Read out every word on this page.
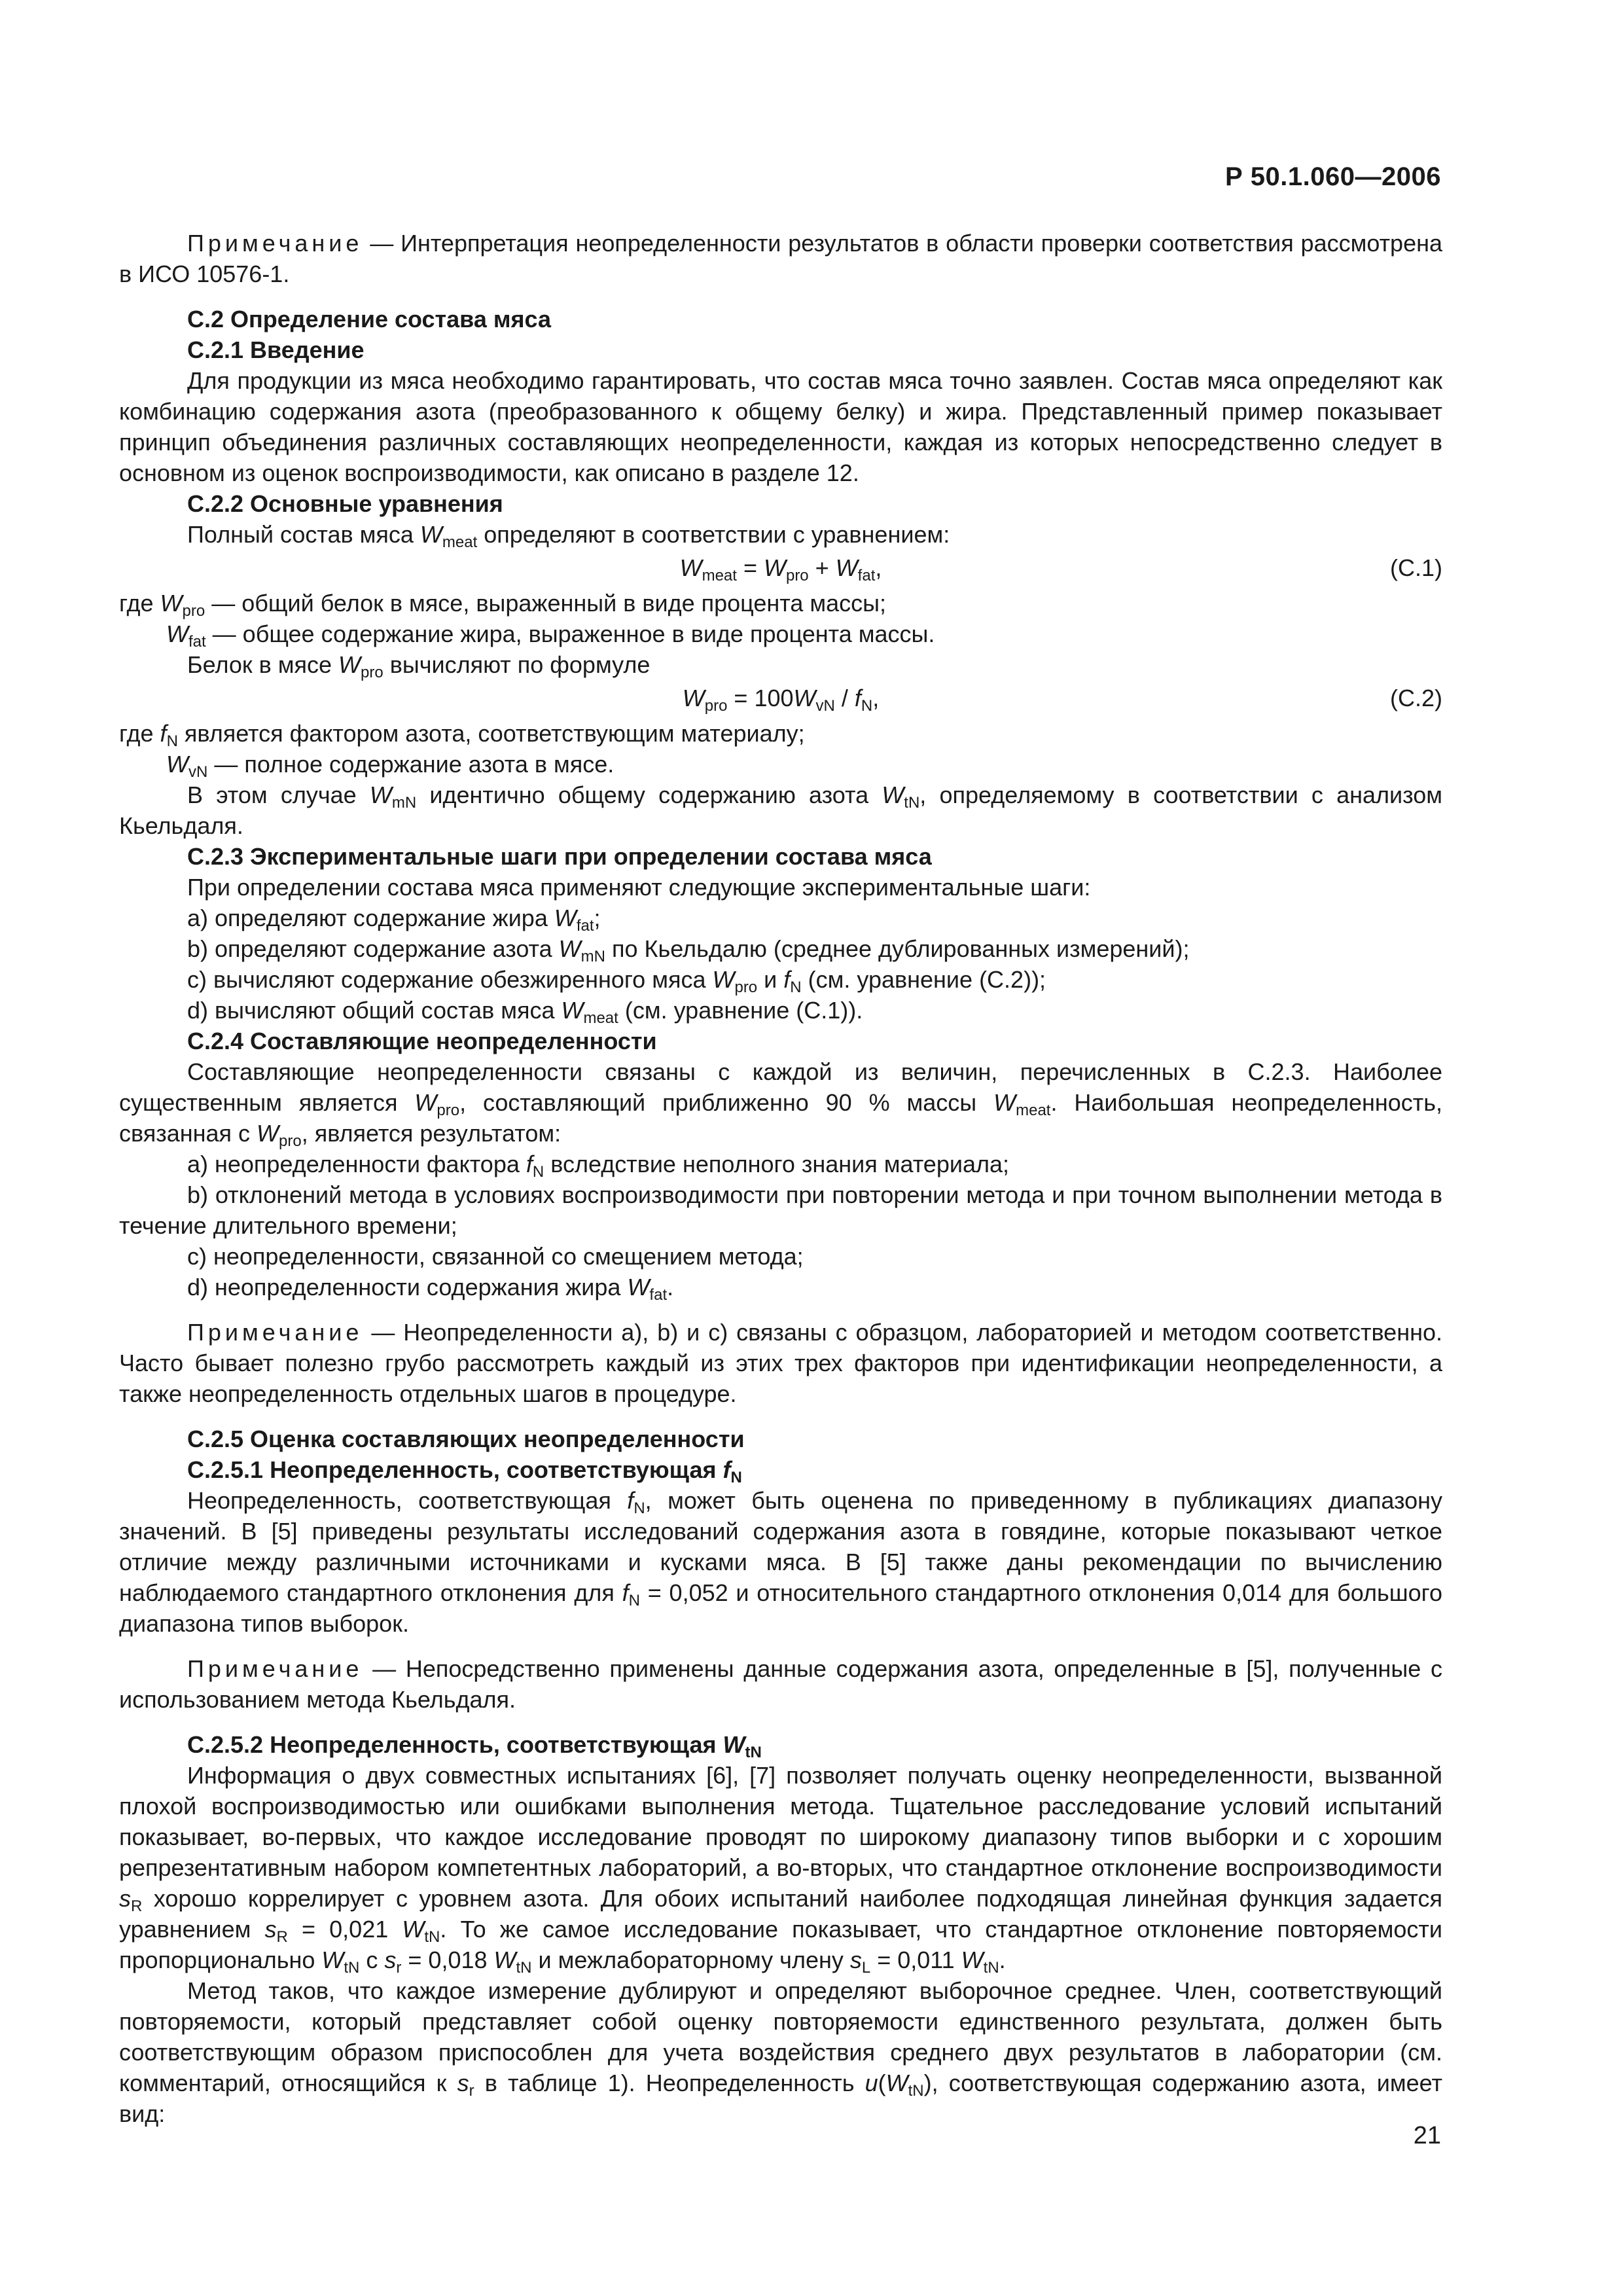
Р 50.1.060—2006

Примечание — Интерпретация неопределенности результатов в области проверки соответствия рассмотрена в ИСО 10576-1.

С.2 Определение состава мяса

С.2.1 Введение

Для продукции из мяса необходимо гарантировать, что состав мяса точно заявлен. Состав мяса определяют как комбинацию содержания азота (преобразованного к общему белку) и жира. Представленный пример показывает принцип объединения различных составляющих неопределенности, каждая из которых непосредственно следует в основном из оценок воспроизводимости, как описано в разделе 12.

С.2.2 Основные уравнения

Полный состав мяса $W_{meat}$ определяют в соответствии с уравнением:

$W_{meat} = W_{pro} + W_{fat}$,	(С.1)

где $W_{pro}$ — общий белок в мясе, выраженный в виде процента массы;

$W_{fat}$ — общее содержание жира, выраженное в виде процента массы.

Белок в мясе $W_{pro}$ вычисляют по формуле

$W_{pro} = 100W_{vN} / f_N$,	(С.2)

где $f_N$ является фактором азота, соответствующим материалу;

$W_{vN}$ — полное содержание азота в мясе.

В этом случае $W_{mN}$ идентично общему содержанию азота $W_{tN}$, определяемому в соответствии с анализом Кьельдаля.

С.2.3 Экспериментальные шаги при определении состава мяса

При определении состава мяса применяют следующие экспериментальные шаги:

a) определяют содержание жира $W_{fat}$;

b) определяют содержание азота $W_{mN}$ по Кьельдалю (среднее дублированных измерений);

c) вычисляют содержание обезжиренного мяса $W_{pro}$ и $f_N$ (см. уравнение (С.2));

d) вычисляют общий состав мяса $W_{meat}$ (см. уравнение (С.1)).

С.2.4 Составляющие неопределенности

Составляющие неопределенности связаны с каждой из величин, перечисленных в С.2.3. Наиболее существенным является $W_{pro}$, составляющий приближенно 90 % массы $W_{meat}$. Наибольшая неопределенность, связанная с $W_{pro}$, является результатом:

a) неопределенности фактора $f_N$ вследствие неполного знания материала;

b) отклонений метода в условиях воспроизводимости при повторении метода и при точном выполнении метода в течение длительного времени;

c) неопределенности, связанной со смещением метода;

d) неопределенности содержания жира $W_{fat}$.

Примечание — Неопределенности a), b) и c) связаны с образцом, лабораторией и методом соответственно. Часто бывает полезно грубо рассмотреть каждый из этих трех факторов при идентификации неопределенности, а также неопределенность отдельных шагов в процедуре.

С.2.5 Оценка составляющих неопределенности

С.2.5.1 Неопределенность, соответствующая $f_N$

Неопределенность, соответствующая $f_N$, может быть оценена по приведенному в публикациях диапазону значений. В [5] приведены результаты исследований содержания азота в говядине, которые показывают четкое отличие между различными источниками и кусками мяса. В [5] также даны рекомендации по вычислению наблюдаемого стандартного отклонения для $f_N = 0,052$ и относительного стандартного отклонения 0,014 для большого диапазона типов выборок.

Примечание — Непосредственно применены данные содержания азота, определенные в [5], полученные с использованием метода Кьельдаля.

С.2.5.2 Неопределенность, соответствующая $W_{tN}$

Информация о двух совместных испытаниях [6], [7] позволяет получать оценку неопределенности, вызванной плохой воспроизводимостью или ошибками выполнения метода. Тщательное расследование условий испытаний показывает, во-первых, что каждое исследование проводят по широкому диапазону типов выборки и с хорошим репрезентативным набором компетентных лабораторий, а во-вторых, что стандартное отклонение воспроизводимости $s_R$ хорошо коррелирует с уровнем азота. Для обоих испытаний наиболее подходящая линейная функция задается уравнением $s_R = 0,021$ $W_{tN}$. То же самое исследование показывает, что стандартное отклонение повторяемости пропорционально $W_{tN}$ с $s_r = 0,018$ $W_{tN}$ и межлабораторному члену $s_L = 0,011$ $W_{tN}$.

Метод таков, что каждое измерение дублируют и определяют выборочное среднее. Член, соответствующий повторяемости, который представляет собой оценку повторяемости единственного результата, должен быть соответствующим образом приспособлен для учета воздействия среднего двух результатов в лаборатории (см. комментарий, относящийся к $s_r$ в таблице 1). Неопределенность $u(W_{tN})$, соответствующая содержанию азота, имеет вид:

21
